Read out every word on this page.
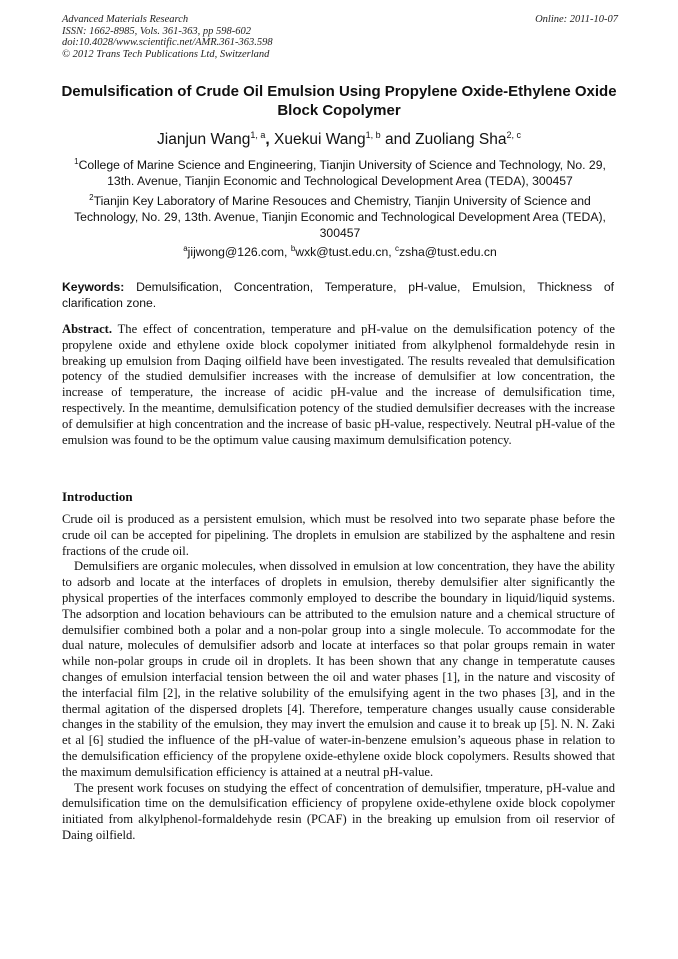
Advanced Materials Research
ISSN: 1662-8985, Vols. 361-363, pp 598-602
doi:10.4028/www.scientific.net/AMR.361-363.598
© 2012 Trans Tech Publications Ltd, Switzerland
Online: 2011-10-07
Demulsification of Crude Oil Emulsion Using Propylene Oxide-Ethylene Oxide Block Copolymer
Jianjun Wang$^{1, a}$, Xuekui Wang$^{1, b}$ and Zuoliang Sha$^{2, c}$
$^1$College of Marine Science and Engineering, Tianjin University of Science and Technology, No. 29, 13th. Avenue, Tianjin Economic and Technological Development Area (TEDA), 300457
$^2$Tianjin Key Laboratory of Marine Resouces and Chemistry, Tianjin University of Science and Technology, No. 29, 13th. Avenue, Tianjin Economic and Technological Development Area (TEDA), 300457
$^a$jijwong@126.com, $^b$wxk@tust.edu.cn, $^c$zsha@tust.edu.cn
Keywords: Demulsification, Concentration, Temperature, pH-value, Emulsion, Thickness of clarification zone.
Abstract. The effect of concentration, temperature and pH-value on the demulsification potency of the propylene oxide and ethylene oxide block copolymer initiated from alkylphenol formaldehyde resin in breaking up emulsion from Daqing oilfield have been investigated. The results revealed that demulsification potency of the studied demulsifier increases with the increase of demulsifier at low concentration, the increase of temperature, the increase of acidic pH-value and the increase of demulsification time, respectively. In the meantime, demulsification potency of the studied demulsifier decreases with the increase of demulsifier at high concentration and the increase of basic pH-value, respectively. Neutral pH-value of the emulsion was found to be the optimum value causing maximum demulsification potency.
Introduction

Crude oil is produced as a persistent emulsion, which must be resolved into two separate phase before the crude oil can be accepted for pipelining. The droplets in emulsion are stabilized by the asphaltene and resin fractions of the crude oil.

Demulsifiers are organic molecules, when dissolved in emulsion at low concentration, they have the ability to adsorb and locate at the interfaces of droplets in emulsion, thereby demulsifier alter significantly the physical properties of the interfaces commonly employed to describe the boundary in liquid/liquid systems. The adsorption and location behaviours can be attributed to the emulsion nature and a chemical structure of demulsifier combined both a polar and a non-polar group into a single molecule. To accommodate for the dual nature, molecules of demulsifier adsorb and locate at interfaces so that polar groups remain in water while non-polar groups in crude oil in droplets. It has been shown that any change in temperatute causes changes of emulsion interfacial tension between the oil and water phases [1], in the nature and viscosity of the interfacial film [2], in the relative solubility of the emulsifying agent in the two phases [3], and in the thermal agitation of the dispersed droplets [4]. Therefore, temperature changes usually cause considerable changes in the stability of the emulsion, they may invert the emulsion and cause it to break up [5]. N. N. Zaki et al [6] studied the influence of the pH-value of water-in-benzene emulsion’s aqueous phase in relation to the demulsification efficiency of the propylene oxide-ethylene oxide block copolymers. Results showed that the maximum demulsification efficiency is attained at a neutral pH-value.

The present work focuses on studying the effect of concentration of demulsifier, tmperature, pH-value and demulsification time on the demulsification efficiency of propylene oxide-ethylene oxide block copolymer initiated from alkylphenol-formaldehyde resin (PCAF) in the breaking up emulsion from oil reservior of Daing oilfield.
